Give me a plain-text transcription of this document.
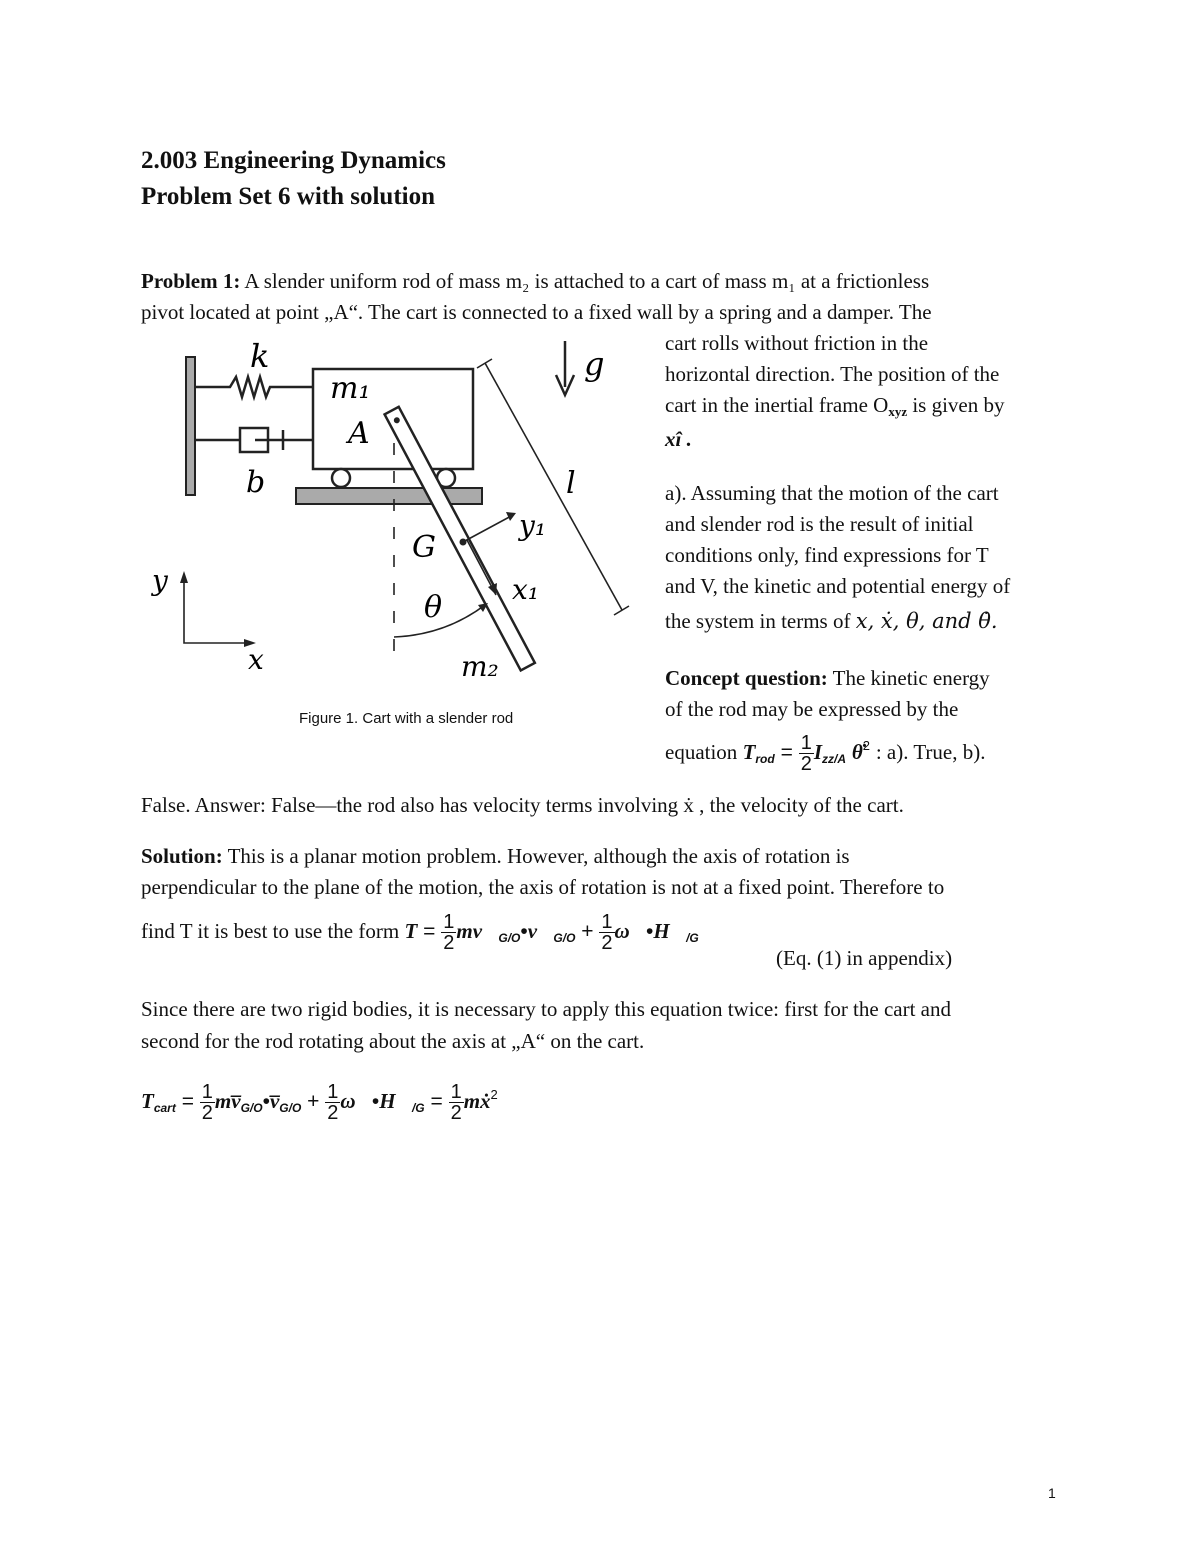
2.003 Engineering Dynamics
Problem Set 6 with solution
Problem 1: A slender uniform rod of mass m₂ is attached to a cart of mass m₁ at a frictionless
pivot located at point „A“. The cart is connected to a fixed wall by a spring and a damper. The
k
b
m₁
A
g
l
G
y₁
x₁
θ
m₂
y
x
Figure 1. Cart with a slender rod
cart rolls without friction in the
horizontal direction. The position of the
cart in the inertial frame Oxyz is given by
xî .
a). Assuming that the motion of the cart
and slender rod is the result of initial
conditions only, find expressions for T
and V, the kinetic and potential energy of
the system in terms of x, ẋ, θ, and θ̇.
Concept question: The kinetic energy
of the rod may be expressed by the
equation $T_{rod} = \frac{1}{2} I_{zz/A}$ θ̇$^2$ : a). True, b).
False. Answer: False—the rod also has velocity terms involving ẋ , the velocity of the cart.
Solution: This is a planar motion problem. However, although the axis of rotation is
perpendicular to the plane of the motion, the axis of rotation is not at a fixed point. Therefore to
find T it is best to use the form $T = \frac{1}{2}$ $mv⃗_{G/O}•v⃗_{G/O} + \frac{1}{2}$ $\omega⃗•H⃗_{/G}$
(Eq. (1) in appendix)
Since there are two rigid bodies, it is necessary to apply this equation twice: first for the cart and
second for the rod rotating about the axis at „A“ on the cart.
$T_{cart} = \frac{1}{2}$ $mv̅_{G/O}•v̅_{G/O} + \frac{1}{2}$ $\omega⃗•H⃗_{/G} = \frac{1}{2}$ mẋ$^2$
1
